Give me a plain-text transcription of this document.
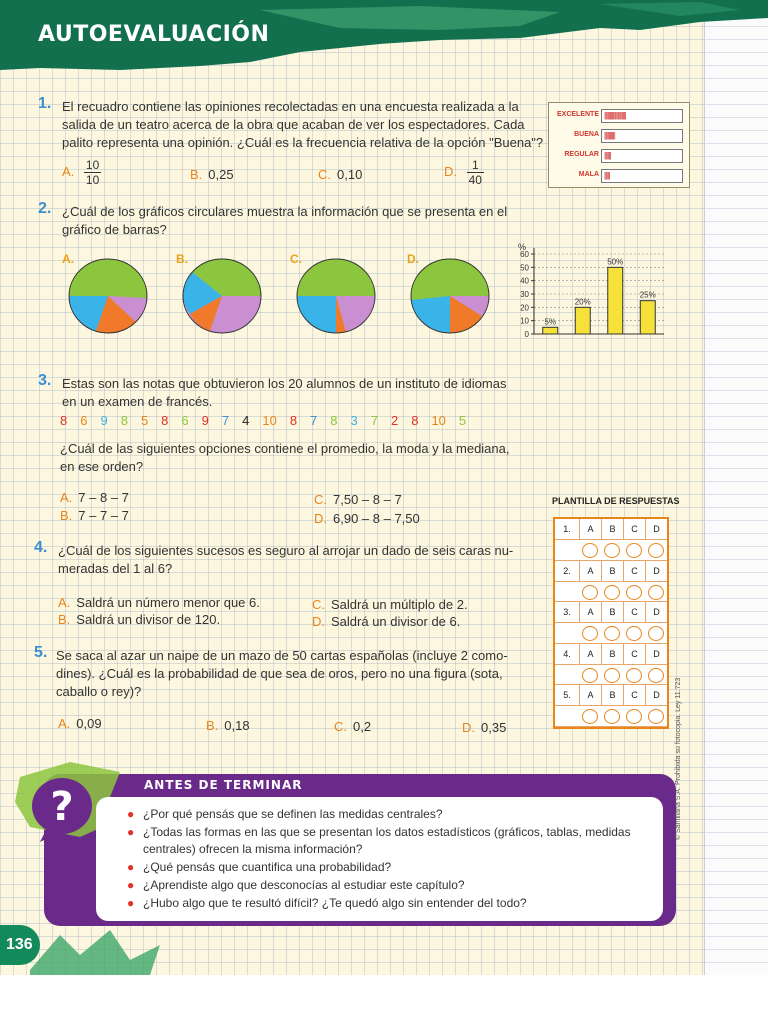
AUTOEVALUACIÓN
1. El recuadro contiene las opiniones recolectadas en una encuesta realizada a la
salida de un teatro acerca de la obra que acaban de ver los espectadores. Cada
palito representa una opinión. ¿Cuál es la frecuencia relativa de la opción "Buena"?
A. $\frac{10}{10}$	B. 0,25	C. 0,10	D. $\frac{1}{40}$
EXCELENTE ||||||||||||||||||||
BUENA ||||||||||
REGULAR ||||||
MALA |||||
2. ¿Cuál de los gráficos circulares muestra la información que se presenta en el
gráfico de barras?
A.	B.	C.	D.
%
0
10
20
30
40
50
60
5%
20%
50%
25%
3. Estas son las notas que obtuvieron los 20 alumnos de un instituto de idiomas
en un examen de francés.
8 6 9 8 5 8 6 9 7 4 10 8 7 8 3 7 2 8 10 5
¿Cuál de las siguientes opciones contiene el promedio, la moda y la mediana,
en ese orden?
A. 7 – 8 – 7
B. 7 – 7 – 7
C. 7,50 – 8 – 7
D. 6,90 – 8 – 7,50
4. ¿Cuál de los siguientes sucesos es seguro al arrojar un dado de seis caras nu-
meradas del 1 al 6?
A. Saldrá un número menor que 6.
B. Saldrá un divisor de 120.
C. Saldrá un múltiplo de 2.
D. Saldrá un divisor de 6.
5. Se saca al azar un naipe de un mazo de 50 cartas españolas (incluye 2 como-
dines). ¿Cuál es la probabilidad de que sea de oros, pero no una figura (sota,
caballo o rey)?
A. 0,09	B. 0,18	C. 0,2	D. 0,35
PLANTILLA DE RESPUESTAS
1.	A	B	C	D
2.	A	B	C	D
3.	A	B	C	D
4.	A	B	C	D
5.	A	B	C	D
?	ANTES DE TERMINAR
● ¿Por qué pensás que se definen las medidas centrales?
● ¿Todas las formas en las que se presentan los datos estadísticos (gráficos, tablas, medidas
centrales) ofrecen la misma información?
● ¿Qué pensás que cuantifica una probabilidad?
● ¿Aprendiste algo que desconocías al estudiar este capítulo?
● ¿Hubo algo que te resultó difícil? ¿Te quedó algo sin entender del todo?
136
© Santillana S.A. Prohibida su fotocopia. Ley 11.723
